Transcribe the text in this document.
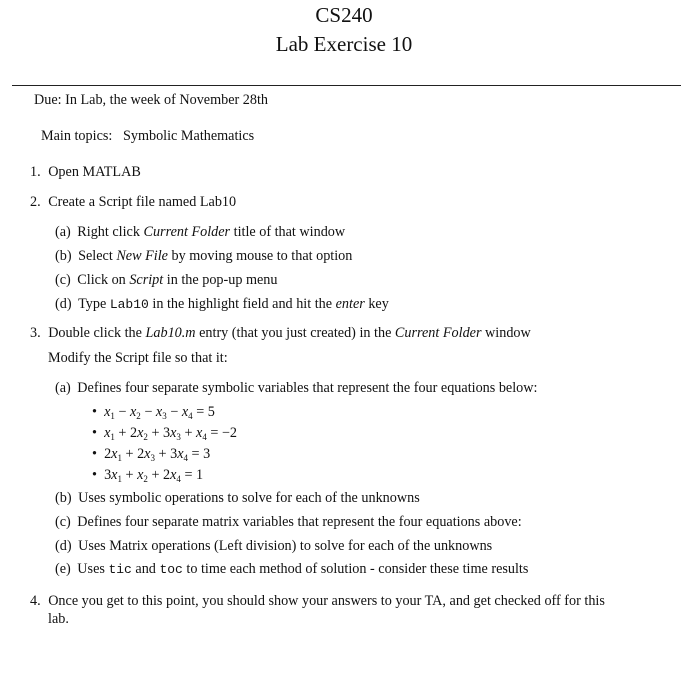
CS240
Lab Exercise 10
Due: In Lab, the week of November 28th
Main topics:   Symbolic Mathematics
1. Open MATLAB
2. Create a Script file named Lab10
(a) Right click Current Folder title of that window
(b) Select New File by moving mouse to that option
(c) Click on Script in the pop-up menu
(d) Type Lab10 in the highlight field and hit the enter key
3. Double click the Lab10.m entry (that you just created) in the Current Folder window
Modify the Script file so that it:
(a) Defines four separate symbolic variables that represent the four equations below:
• $x_1 - x_2 - x_3 - x_4 = 5$
• $x_1 + 2x_2 + 3x_3 + x_4 = -2$
• $2x_1 + 2x_3 + 3x_4 = 3$
• $3x_1 + x_2 + 2x_4 = 1$
(b) Uses symbolic operations to solve for each of the unknowns
(c) Defines four separate matrix variables that represent the four equations above:
(d) Uses Matrix operations (Left division) to solve for each of the unknowns
(e) Uses tic and toc to time each method of solution - consider these time results
4. Once you get to this point, you should show your answers to your TA, and get checked off for this
lab.
